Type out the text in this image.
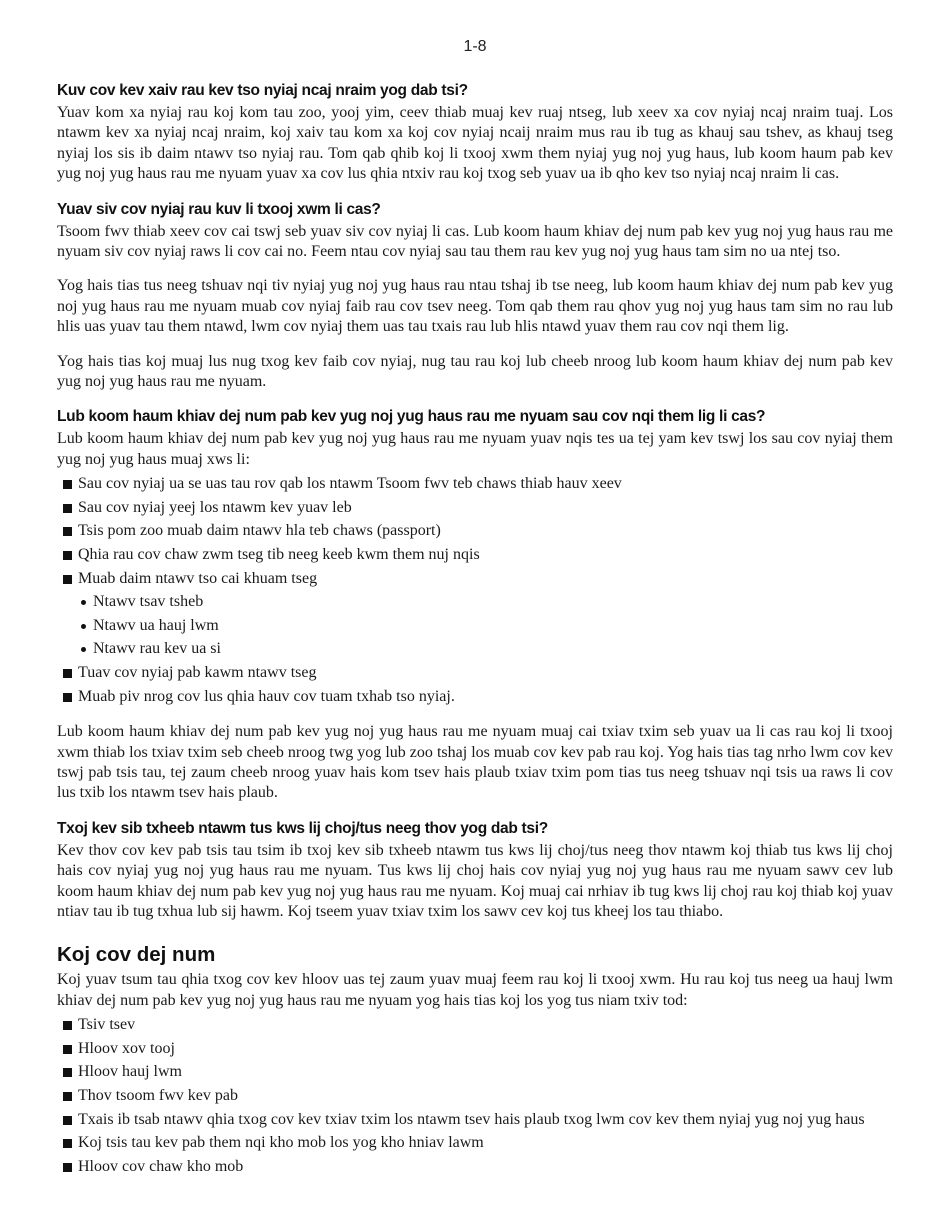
1-8
Kuv cov kev xaiv rau kev tso nyiaj ncaj nraim yog dab tsi?

Yuav kom xa nyiaj rau koj kom tau zoo, yooj yim, ceev thiab muaj kev ruaj ntseg, lub xeev xa cov nyiaj ncaj nraim tuaj. Los ntawm kev xa nyiaj ncaj nraim, koj xaiv tau kom xa koj cov nyiaj ncaij nraim mus rau ib tug as khauj sau tshev, as khauj tseg nyiaj los sis ib daim ntawv tso nyiaj rau. Tom qab qhib koj li txooj xwm them nyiaj yug noj yug haus, lub koom haum pab kev yug noj yug haus rau me nyuam yuav xa cov lus qhia ntxiv rau koj txog seb yuav ua ib qho kev tso nyiaj ncaj nraim li cas.

Yuav siv cov nyiaj rau kuv li txooj xwm li cas?

Tsoom fwv thiab xeev cov cai tswj seb yuav siv cov nyiaj li cas. Lub koom haum khiav dej num pab kev yug noj yug haus rau me nyuam siv cov nyiaj raws li cov cai no. Feem ntau cov nyiaj sau tau them rau kev yug noj yug haus tam sim no ua ntej tso.

Yog hais tias tus neeg tshuav nqi tiv nyiaj yug noj yug haus rau ntau tshaj ib tse neeg, lub koom haum khiav dej num pab kev yug noj yug haus rau me nyuam muab cov nyiaj faib rau cov tsev neeg. Tom qab them rau qhov yug noj yug haus tam sim no rau lub hlis uas yuav tau them ntawd, lwm cov nyiaj them uas tau txais rau lub hlis ntawd yuav them rau cov nqi them lig.

Yog hais tias koj muaj lus nug txog kev faib cov nyiaj, nug tau rau koj lub cheeb nroog lub koom haum khiav dej num pab kev yug noj yug haus rau me nyuam.

Lub koom haum khiav dej num pab kev yug noj yug haus rau me nyuam sau cov nqi them lig li cas?

Lub koom haum khiav dej num pab kev yug noj yug haus rau me nyuam yuav nqis tes ua tej yam kev tswj los sau cov nyiaj them yug noj yug haus muaj xws li:

Sau cov nyiaj ua se uas tau rov qab los ntawm Tsoom fwv teb chaws thiab hauv xeev
Sau cov nyiaj yeej los ntawm kev yuav leb
Tsis pom zoo muab daim ntawv hla teb chaws (passport)
Qhia rau cov chaw zwm tseg tib neeg keeb kwm them nuj nqis
Muab daim ntawv tso cai khuam tseg
Ntawv tsav tsheb
Ntawv ua hauj lwm
Ntawv rau kev ua si
Tuav cov nyiaj pab kawm ntawv tseg
Muab piv nrog cov lus qhia hauv cov tuam txhab tso nyiaj.

Lub koom haum khiav dej num pab kev yug noj yug haus rau me nyuam muaj cai txiav txim seb yuav ua li cas rau koj li txooj xwm thiab los txiav txim seb cheeb nroog twg yog lub zoo tshaj los muab cov kev pab rau koj. Yog hais tias tag nrho lwm cov kev tswj pab tsis tau, tej zaum cheeb nroog yuav hais kom tsev hais plaub txiav txim pom tias tus neeg tshuav nqi tsis ua raws li cov lus txib los ntawm tsev hais plaub.

Txoj kev sib txheeb ntawm tus kws lij choj/tus neeg thov yog dab tsi?

Kev thov cov kev pab tsis tau tsim ib txoj kev sib txheeb ntawm tus kws lij choj/tus neeg thov ntawm koj thiab tus kws lij choj hais cov nyiaj yug noj yug haus rau me nyuam. Tus kws lij choj hais cov nyiaj yug noj yug haus rau me nyuam sawv cev lub koom haum khiav dej num pab kev yug noj yug haus rau me nyuam. Koj muaj cai nrhiav ib tug kws lij choj rau koj thiab koj yuav ntiav tau ib tug txhua lub sij hawm. Koj tseem yuav txiav txim los sawv cev koj tus kheej los tau thiabo.

Koj cov dej num

Koj yuav tsum tau qhia txog cov kev hloov uas tej zaum yuav muaj feem rau koj li txooj xwm. Hu rau koj tus neeg ua hauj lwm khiav dej num pab kev yug noj yug haus rau me nyuam yog hais tias koj los yog tus niam txiv tod:

Tsiv tsev
Hloov xov tooj
Hloov hauj lwm
Thov tsoom fwv kev pab
Txais ib tsab ntawv qhia txog cov kev txiav txim los ntawm tsev hais plaub txog lwm cov kev them nyiaj yug noj yug haus
Koj tsis tau kev pab them nqi kho mob los yog kho hniav lawm
Hloov cov chaw kho mob
